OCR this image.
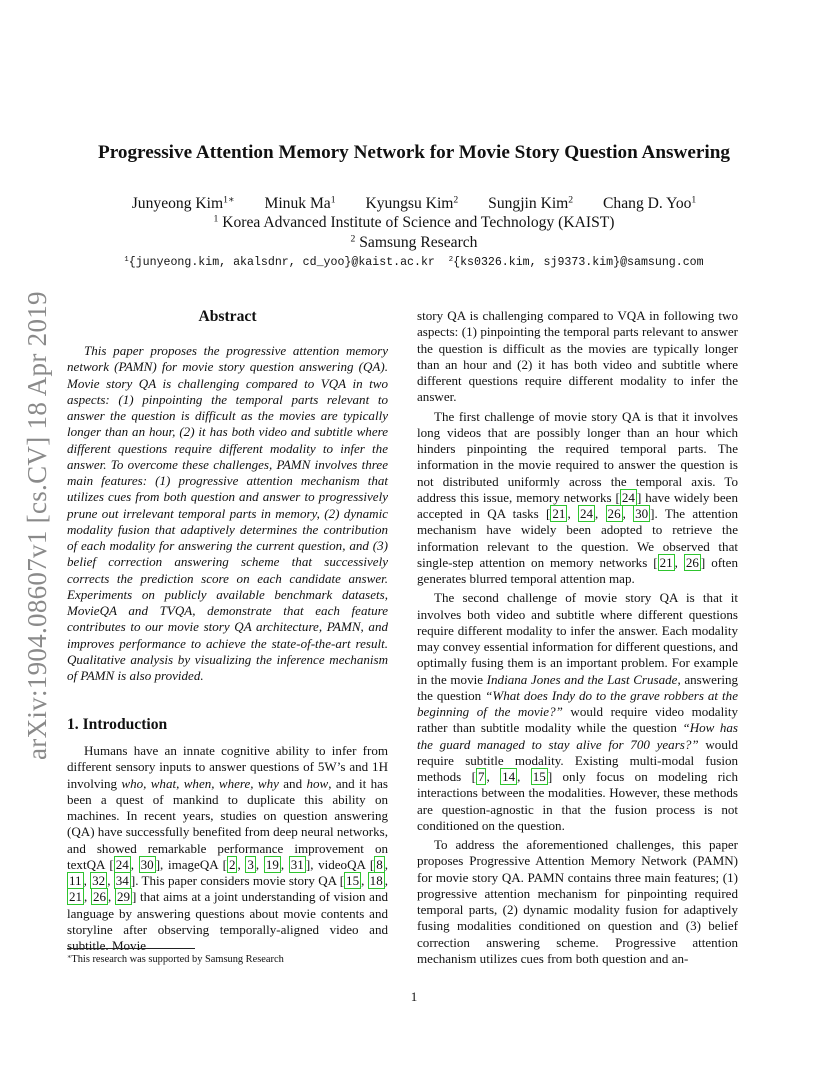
arXiv:1904.08607v1 [cs.CV] 18 Apr 2019
Progressive Attention Memory Network for Movie Story Question Answering
Junyeong Kim$^{1∗}$ Minuk Ma$^1$ Kyungsu Kim$^2$ Sungjin Kim$^2$ Chang D. Yoo$^1$
$^1$ Korea Advanced Institute of Science and Technology (KAIST)
$^2$ Samsung Research
$^1${junyeong.kim, akalsdnr, cd_yoo}@kaist.ac.kr $^2${ks0326.kim, sj9373.kim}@samsung.com
Abstract
This paper proposes the progressive attention memory network (PAMN) for movie story question answering (QA). Movie story QA is challenging compared to VQA in two aspects: (1) pinpointing the temporal parts relevant to answer the question is difficult as the movies are typically longer than an hour, (2) it has both video and subtitle where different questions require different modality to infer the answer. To overcome these challenges, PAMN involves three main features: (1) progressive attention mechanism that utilizes cues from both question and answer to progressively prune out irrelevant temporal parts in memory, (2) dynamic modality fusion that adaptively determines the contribution of each modality for answering the current question, and (3) belief correction answering scheme that successively corrects the prediction score on each candidate answer. Experiments on publicly available benchmark datasets, MovieQA and TVQA, demonstrate that each feature contributes to our movie story QA architecture, PAMN, and improves performance to achieve the state-of-the-art result. Qualitative analysis by visualizing the inference mechanism of PAMN is also provided.
1. Introduction
Humans have an innate cognitive ability to infer from different sensory inputs to answer questions of 5W’s and 1H involving who, what, when, where, why and how, and it has been a quest of mankind to duplicate this ability on machines. In recent years, studies on question answering (QA) have successfully benefited from deep neural networks, and showed remarkable performance improvement on textQA [ 24 , 30 ], imageQA [ 2 , 3 , 19 , 31 ], videoQA [ 8 , 11 , 32 , 34 ]. This paper considers movie story QA [ 15 , 18 , 21 , 26 , 29 ] that aims at a joint understanding of vision and language by answering questions about movie contents and storyline after observing temporally-aligned video and subtitle. Movie

story QA is challenging compared to VQA in following two aspects: (1) pinpointing the temporal parts relevant to answer the question is difficult as the movies are typically longer than an hour and (2) it has both video and subtitle where different questions require different modality to infer the answer.

The first challenge of movie story QA is that it involves long videos that are possibly longer than an hour which hinders pinpointing the required temporal parts. The information in the movie required to answer the question is not distributed uniformly across the temporal axis. To address this issue, memory networks [ 24 ] have widely been accepted in QA tasks [ 21 , 24 , 26 , 30 ]. The attention mechanism have widely been adopted to retrieve the information relevant to the question. We observed that single-step attention on memory networks [ 21 , 26 ] often generates blurred temporal attention map.

The second challenge of movie story QA is that it involves both video and subtitle where different questions require different modality to infer the answer. Each modality may convey essential information for different questions, and optimally fusing them is an important problem. For example in the movie Indiana Jones and the Last Crusade, answering the question “What does Indy do to the grave robbers at the beginning of the movie?” would require video modality rather than subtitle modality while the question “How has the guard managed to stay alive for 700 years?” would require subtitle modality. Existing multi-modal fusion methods [ 7 , 14 , 15 ] only focus on modeling rich interactions between the modalities. However, these methods are question-agnostic in that the fusion process is not conditioned on the question.

To address the aforementioned challenges, this paper proposes Progressive Attention Memory Network (PAMN) for movie story QA. PAMN contains three main features; (1) progressive attention mechanism for pinpointing required temporal parts, (2) dynamic modality fusion for adaptively fusing modalities conditioned on question and (3) belief correction answering scheme. Progressive attention mechanism utilizes cues from both question and an-

∗This research was supported by Samsung Research
1
